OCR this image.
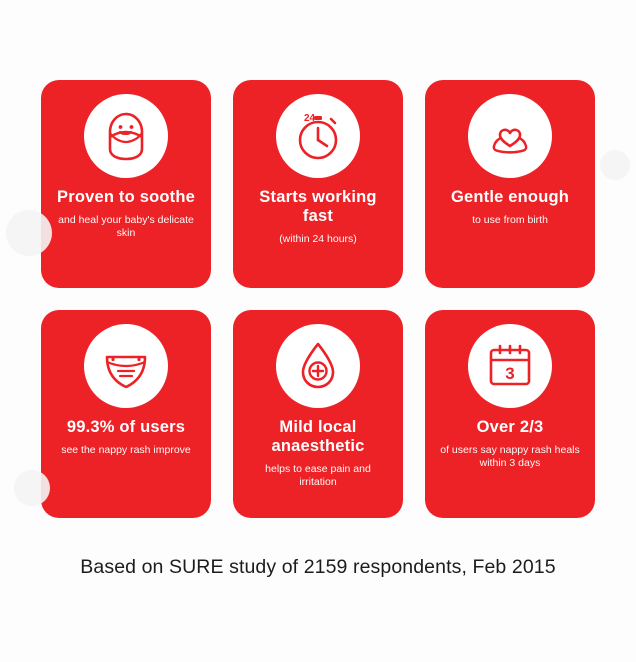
Proven to soothe
and heal your baby's delicate skin
24
Starts working fast
(within 24 hours)
Gentle enough
to use from birth
99.3% of users
see the nappy rash improve
Mild local anaesthetic
helps to ease pain and irritation
3
Over 2/3
of users say nappy rash heals within 3 days
Based on SURE study of 2159 respondents, Feb 2015
